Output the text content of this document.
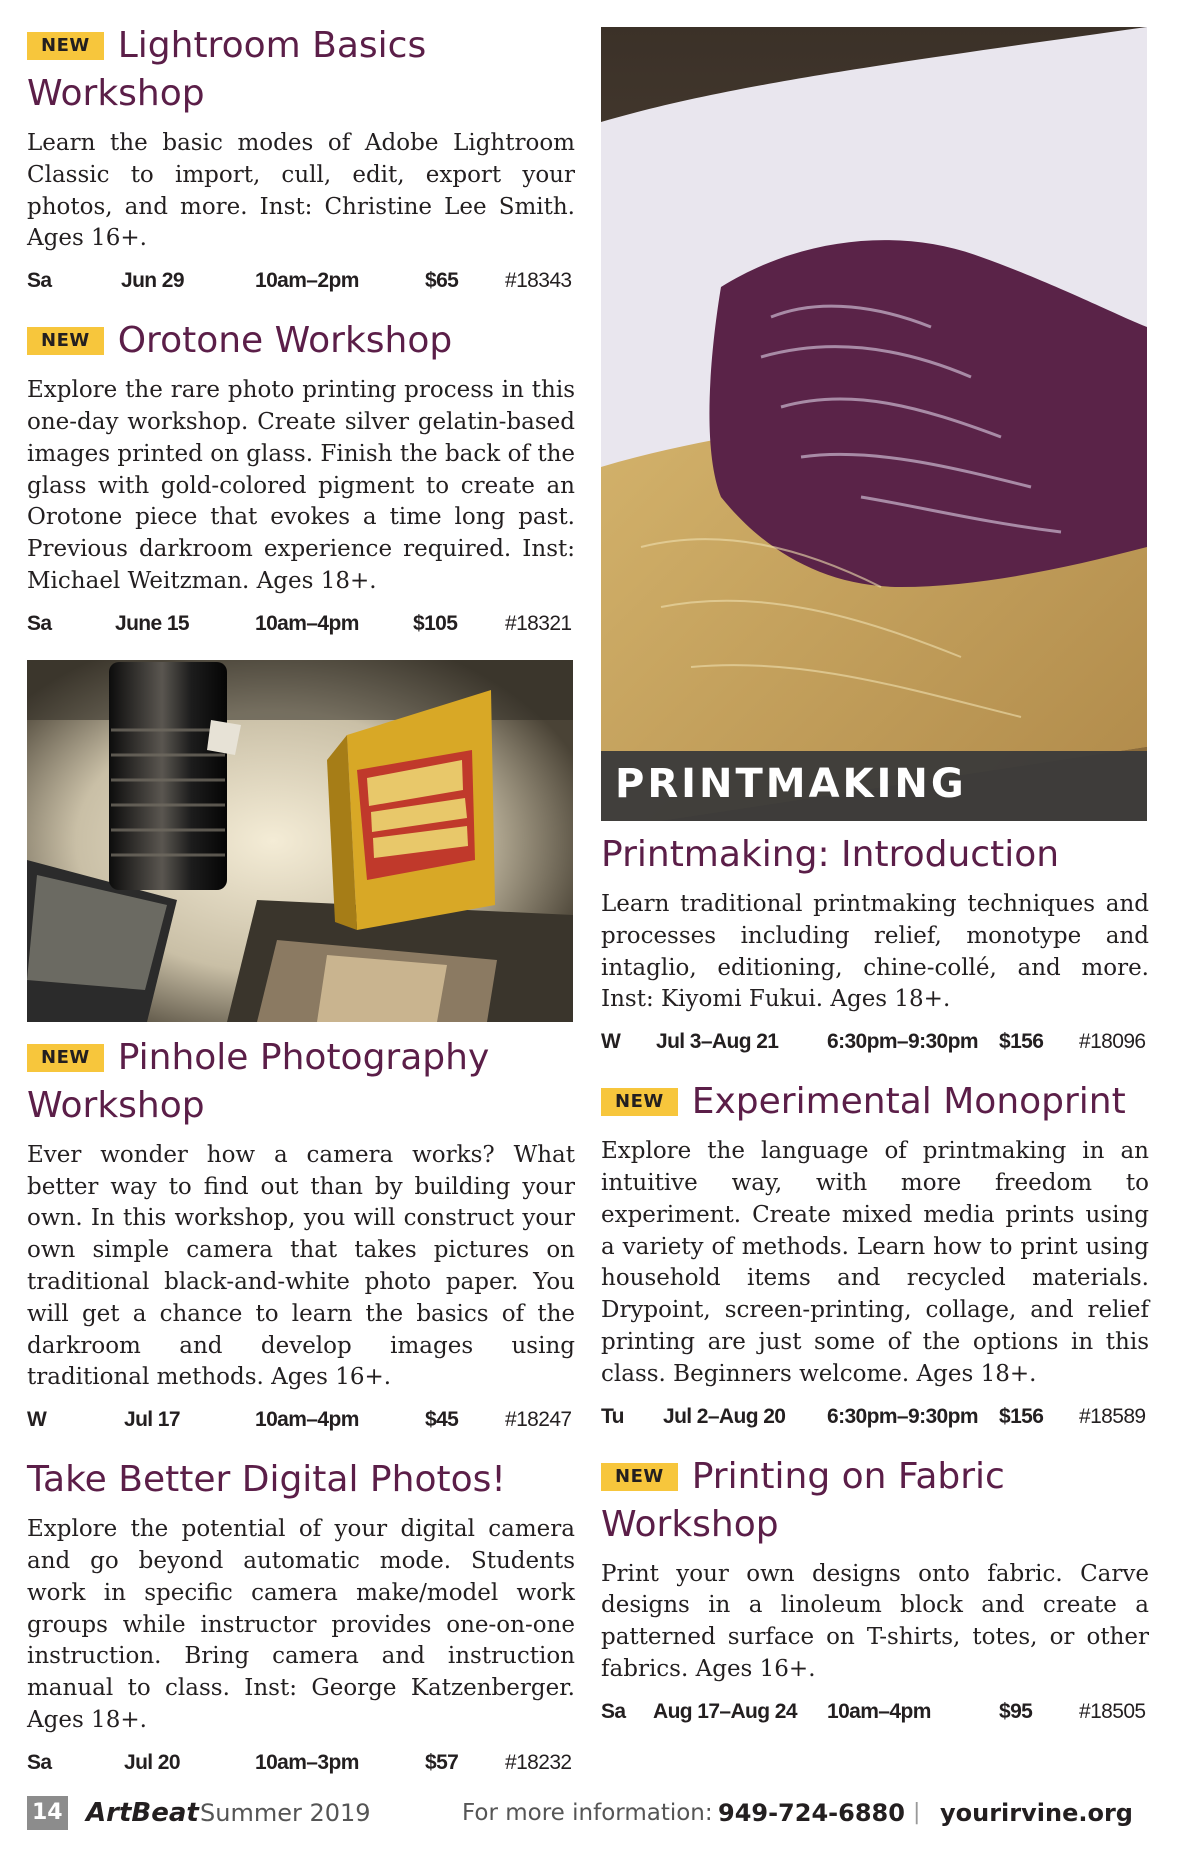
NEW Lightroom Basics Workshop

Learn the basic modes of Adobe Lightroom Classic to import, cull, edit, export your photos, and more. Inst: Christine Lee Smith. Ages 16+.

Sa	Jun 29	10am–2pm	$65 #18343
NEW Orotone Workshop

Explore the rare photo printing process in this one-day workshop. Create silver gelatin-based images printed on glass. Finish the back of the glass with gold-colored pigment to create an Orotone piece that evokes a time long past. Previous darkroom experience required. Inst: Michael Weitzman. Ages 18+.

Sa	June 15	10am–4pm	$105 #18321
NEW Pinhole Photography Workshop

Ever wonder how a camera works? What better way to find out than by building your own. In this workshop, you will construct your own simple camera that takes pictures on traditional black-and-white photo paper. You will get a chance to learn the basics of the darkroom and develop images using traditional methods. Ages 16+.

W	Jul 17	10am–4pm	$45 #18247
Take Better Digital Photos!

Explore the potential of your digital camera and go beyond automatic mode. Students work in specific camera make/model work groups while instructor provides one-on-one instruction. Bring camera and instruction manual to class. Inst: George Katzenberger. Ages 18+.

Sa	Jul 20	10am–3pm	$57 #18232
PRINTMAKING
Printmaking: Introduction

Learn traditional printmaking techniques and processes including relief, monotype and intaglio, editioning, chine-collé, and more. Inst: Kiyomi Fukui. Ages 18+.

W Jul 3–Aug 21 6:30pm–9:30pm $156 #18096
NEW Experimental Monoprint

Explore the language of printmaking in an intuitive way, with more freedom to experiment. Create mixed media prints using a variety of methods. Learn how to print using household items and recycled materials. Drypoint, screen-printing, collage, and relief printing are just some of the options in this class. Beginners welcome. Ages 18+.

Tu Jul 2–Aug 20 6:30pm–9:30pm $156 #18589
NEW Printing on Fabric Workshop

Print your own designs onto fabric. Carve designs in a linoleum block and create a patterned surface on T-shirts, totes, or other fabrics. Ages 16+.

Sa Aug 17–Aug 24 10am–4pm	$95 #18505
14 ArtBeat Summer 2019	For more information: 949-724-6880 | yourirvine.org
